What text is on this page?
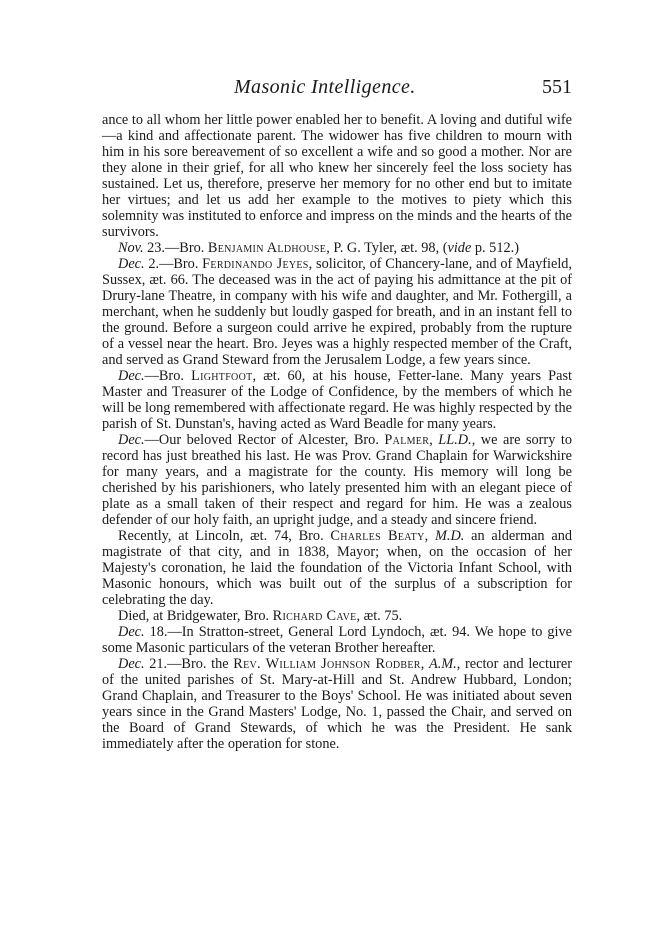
Masonic Intelligence.	551

ance to all whom her little power enabled her to benefit. A loving and dutiful wife—a kind and affectionate parent. The widower has five children to mourn with him in his sore bereavement of so excellent a wife and so good a mother. Nor are they alone in their grief, for all who knew her sincerely feel the loss society has sustained. Let us, therefore, preserve her memory for no other end but to imitate her virtues; and let us add her example to the motives to piety which this solemnity was instituted to enforce and impress on the minds and the hearts of the survivors.

Nov. 23.—Bro. Benjamin Aldhouse, P. G. Tyler, æt. 98, (vide p. 512.)

Dec. 2.—Bro. Ferdinando Jeyes, solicitor, of Chancery-lane, and of Mayfield, Sussex, æt. 66. The deceased was in the act of paying his admittance at the pit of Drury-lane Theatre, in company with his wife and daughter, and Mr. Fothergill, a merchant, when he suddenly but loudly gasped for breath, and in an instant fell to the ground. Before a surgeon could arrive he expired, probably from the rupture of a vessel near the heart. Bro. Jeyes was a highly respected member of the Craft, and served as Grand Steward from the Jerusalem Lodge, a few years since.

Dec.—Bro. Lightfoot, æt. 60, at his house, Fetter-lane. Many years Past Master and Treasurer of the Lodge of Confidence, by the members of which he will be long remembered with affectionate regard. He was highly respected by the parish of St. Dunstan's, having acted as Ward Beadle for many years.

Dec.—Our beloved Rector of Alcester, Bro. Palmer, LL.D., we are sorry to record has just breathed his last. He was Prov. Grand Chaplain for Warwickshire for many years, and a magistrate for the county. His memory will long be cherished by his parishioners, who lately presented him with an elegant piece of plate as a small taken of their respect and regard for him. He was a zealous defender of our holy faith, an upright judge, and a steady and sincere friend.

Recently, at Lincoln, æt. 74, Bro. Charles Beaty, M.D. an alderman and magistrate of that city, and in 1838, Mayor; when, on the occasion of her Majesty's coronation, he laid the foundation of the Victoria Infant School, with Masonic honours, which was built out of the surplus of a subscription for celebrating the day.

Died, at Bridgewater, Bro. Richard Cave, æt. 75.

Dec. 18.—In Stratton-street, General Lord Lyndoch, æt. 94. We hope to give some Masonic particulars of the veteran Brother hereafter.

Dec. 21.—Bro. the Rev. William Johnson Rodber, A.M., rector and lecturer of the united parishes of St. Mary-at-Hill and St. Andrew Hubbard, London; Grand Chaplain, and Treasurer to the Boys' School. He was initiated about seven years since in the Grand Masters' Lodge, No. 1, passed the Chair, and served on the Board of Grand Stewards, of which he was the President. He sank immediately after the operation for stone.
